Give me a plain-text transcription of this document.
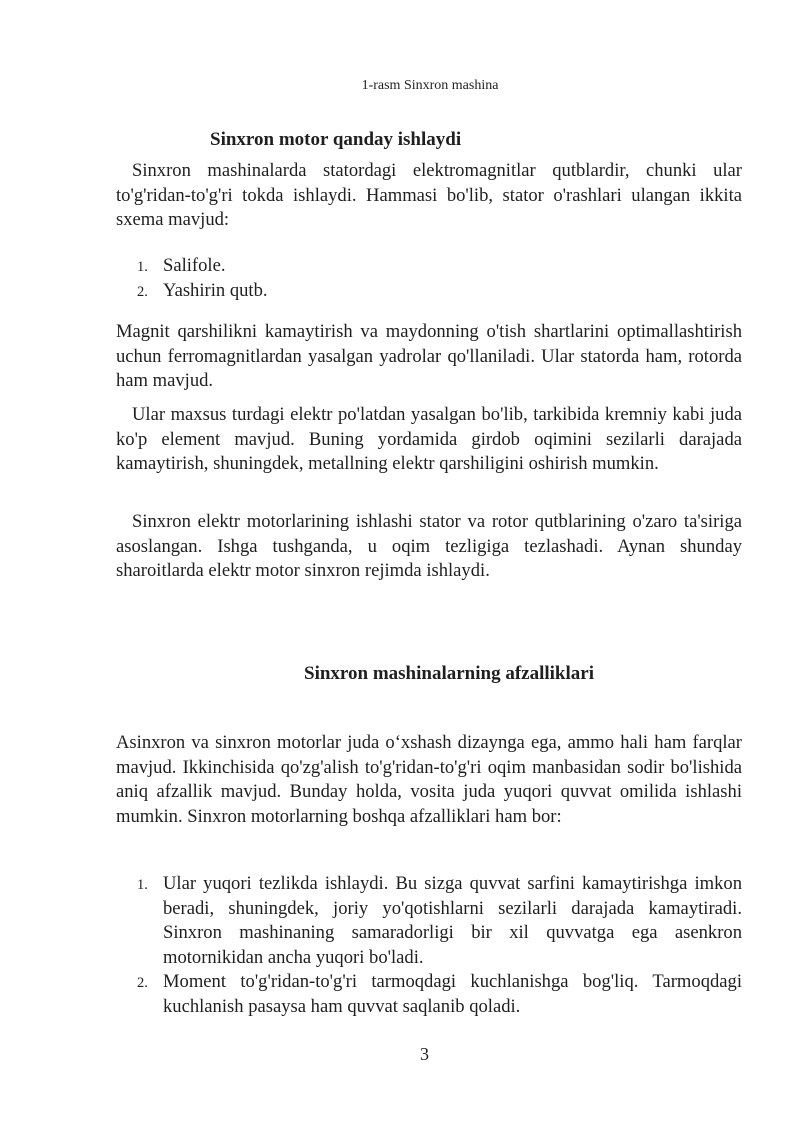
1-rasm Sinxron mashina
Sinxron motor qanday ishlaydi

Sinxron mashinalarda statordagi elektromagnitlar qutblardir, chunki ular to'g'ridan-to'g'ri tokda ishlaydi. Hammasi bo'lib, stator o'rashlari ulangan ikkita sxema mavjud:

1. Salifole.
2. Yashirin qutb.

Magnit qarshilikni kamaytirish va maydonning o'tish shartlarini optimallashtirish uchun ferromagnitlardan yasalgan yadrolar qo'llaniladi. Ular statorda ham, rotorda ham mavjud.

Ular maxsus turdagi elektr po'latdan yasalgan bo'lib, tarkibida kremniy kabi juda ko'p element mavjud. Buning yordamida girdob oqimini sezilarli darajada kamaytirish, shuningdek, metallning elektr qarshiligini oshirish mumkin.

Sinxron elektr motorlarining ishlashi stator va rotor qutblarining o'zaro ta'siriga asoslangan. Ishga tushganda, u oqim tezligiga tezlashadi. Aynan shunday sharoitlarda elektr motor sinxron rejimda ishlaydi.

Sinxron mashinalarning afzalliklari

Asinxron va sinxron motorlar juda oʻxshash dizaynga ega, ammo hali ham farqlar mavjud. Ikkinchisida qo'zg'alish to'g'ridan-to'g'ri oqim manbasidan sodir bo'lishida aniq afzallik mavjud. Bunday holda, vosita juda yuqori quvvat omilida ishlashi mumkin. Sinxron motorlarning boshqa afzalliklari ham bor:

1. Ular yuqori tezlikda ishlaydi. Bu sizga quvvat sarfini kamaytirishga imkon beradi, shuningdek, joriy yo'qotishlarni sezilarli darajada kamaytiradi. Sinxron mashinaning samaradorligi bir xil quvvatga ega asenkron motornikidan ancha yuqori bo'ladi.
2. Moment to'g'ridan-to'g'ri tarmoqdagi kuchlanishga bog'liq. Tarmoqdagi kuchlanish pasaysa ham quvvat saqlanib qoladi.
3
